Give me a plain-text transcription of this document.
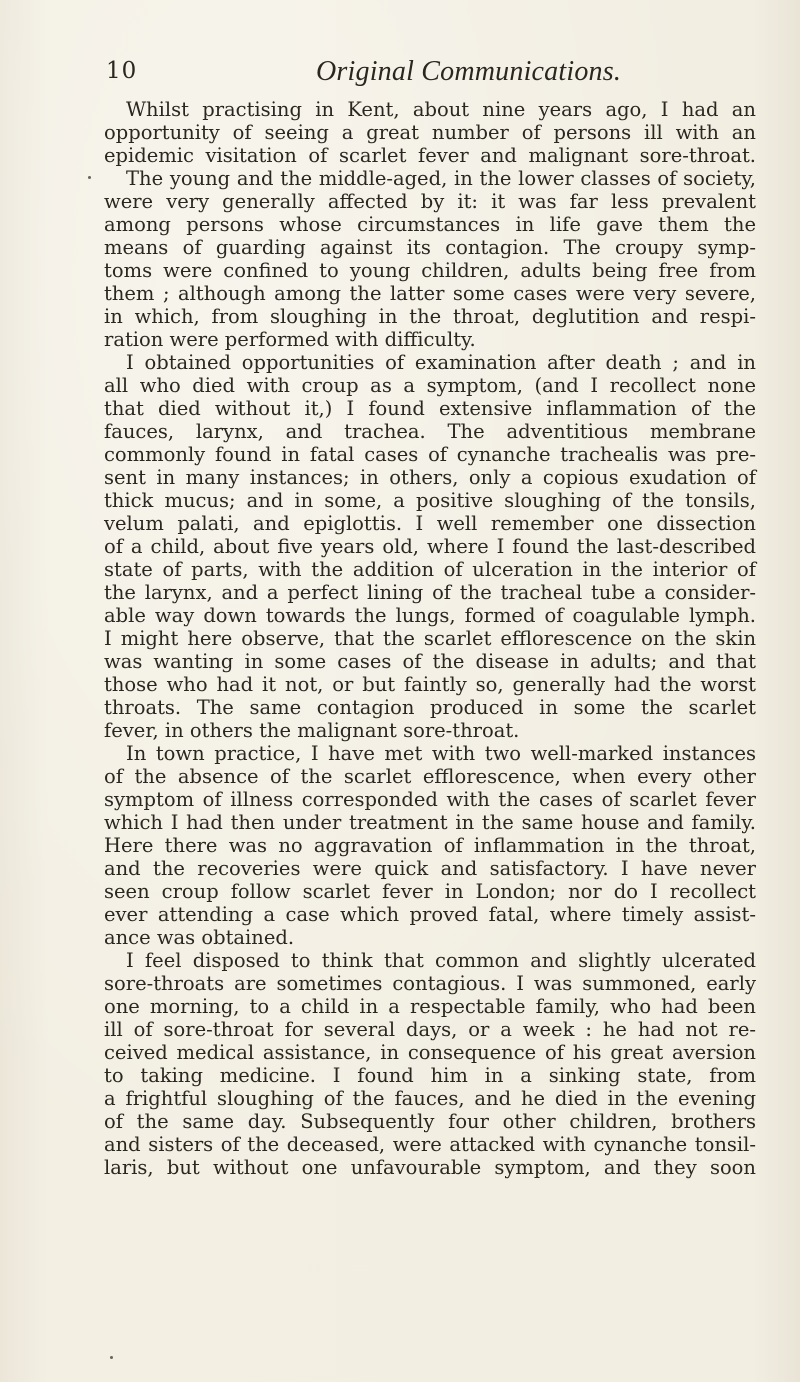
10	Original Communications.
Whilst practising in Kent, about nine years ago, I had an
opportunity of seeing a great number of persons ill with an
epidemic visitation of scarlet fever and malignant sore-throat.
The young and the middle-aged, in the lower classes of society,
were very generally affected by it: it was far less prevalent
among persons whose circumstances in life gave them the
means of guarding against its contagion. The croupy symp-
toms were confined to young children, adults being free from
them ; although among the latter some cases were very severe,
in which, from sloughing in the throat, deglutition and respi-
ration were performed with difficulty.
I obtained opportunities of examination after death ; and in
all who died with croup as a symptom, (and I recollect none
that died without it,) I found extensive inflammation of the
fauces, larynx, and trachea. The adventitious membrane
commonly found in fatal cases of cynanche trachealis was pre-
sent in many instances; in others, only a copious exudation of
thick mucus; and in some, a positive sloughing of the tonsils,
velum palati, and epiglottis. I well remember one dissection
of a child, about five years old, where I found the last-described
state of parts, with the addition of ulceration in the interior of
the larynx, and a perfect lining of the tracheal tube a consider-
able way down towards the lungs, formed of coagulable lymph.
I might here observe, that the scarlet efflorescence on the skin
was wanting in some cases of the disease in adults; and that
those who had it not, or but faintly so, generally had the worst
throats. The same contagion produced in some the scarlet
fever, in others the malignant sore-throat.
In town practice, I have met with two well-marked instances
of the absence of the scarlet efflorescence, when every other
symptom of illness corresponded with the cases of scarlet fever
which I had then under treatment in the same house and family.
Here there was no aggravation of inflammation in the throat,
and the recoveries were quick and satisfactory. I have never
seen croup follow scarlet fever in London; nor do I recollect
ever attending a case which proved fatal, where timely assist-
ance was obtained.
I feel disposed to think that common and slightly ulcerated
sore-throats are sometimes contagious. I was summoned, early
one morning, to a child in a respectable family, who had been
ill of sore-throat for several days, or a week : he had not re-
ceived medical assistance, in consequence of his great aversion
to taking medicine. I found him in a sinking state, from
a frightful sloughing of the fauces, and he died in the evening
of the same day. Subsequently four other children, brothers
and sisters of the deceased, were attacked with cynanche tonsil-
laris, but without one unfavourable symptom, and they soon
